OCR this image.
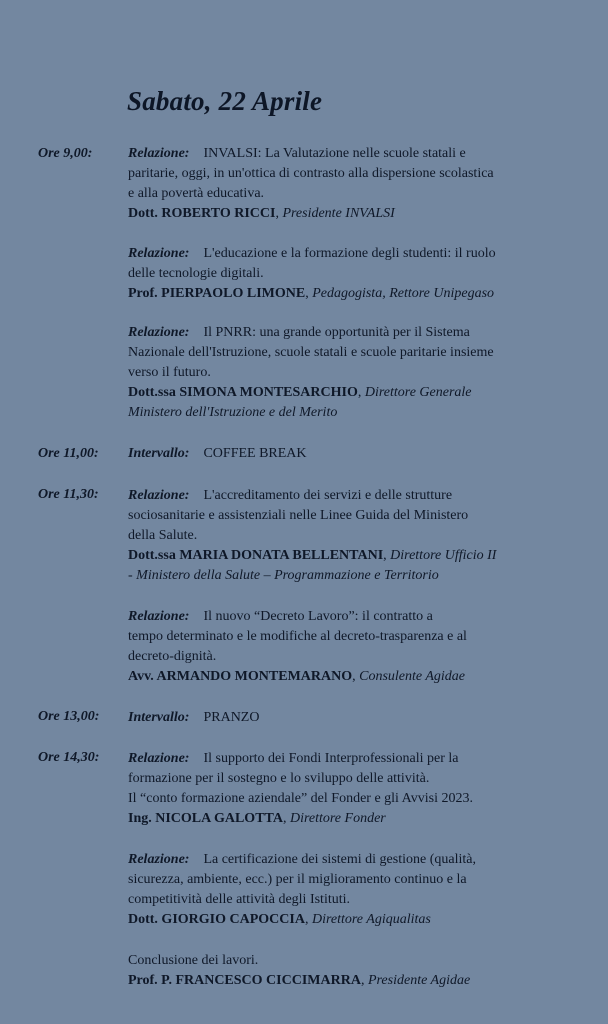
Sabato, 22 Aprile
Ore 9,00:
Ore 11,00:
Ore 11,30:
Ore 13,00:
Ore 14,30:
Relazione: INVALSI: La Valutazione nelle scuole statali e
paritarie, oggi, in un'ottica di contrasto alla dispersione scolastica
e alla povertà educativa.
Dott. ROBERTO RICCI, Presidente INVALSI
Relazione: L'educazione e la formazione degli studenti: il ruolo
delle tecnologie digitali.
Prof. PIERPAOLO LIMONE, Pedagogista, Rettore Unipegaso
Relazione: Il PNRR: una grande opportunità per il Sistema
Nazionale dell'Istruzione, scuole statali e scuole paritarie insieme
verso il futuro.
Dott.ssa SIMONA MONTESARCHIO, Direttore Generale
Ministero dell'Istruzione e del Merito
Intervallo: COFFEE BREAK
Relazione: L'accreditamento dei servizi e delle strutture
sociosanitarie e assistenziali nelle Linee Guida del Ministero
della Salute.
Dott.ssa MARIA DONATA BELLENTANI, Direttore Ufficio II
- Ministero della Salute – Programmazione e Territorio
Relazione: Il nuovo “Decreto Lavoro”: il contratto a
tempo determinato e le modifiche al decreto-trasparenza e al
decreto-dignità.
Avv. ARMANDO MONTEMARANO, Consulente Agidae
Intervallo: PRANZO
Relazione: Il supporto dei Fondi Interprofessionali per la
formazione per il sostegno e lo sviluppo delle attività.
Il “conto formazione aziendale” del Fonder e gli Avvisi 2023.
Ing. NICOLA GALOTTA, Direttore Fonder
Relazione: La certificazione dei sistemi di gestione (qualità,
sicurezza, ambiente, ecc.) per il miglioramento continuo e la
competitività delle attività degli Istituti.
Dott. GIORGIO CAPOCCIA, Direttore Agiqualitas
Conclusione dei lavori.
Prof. P. FRANCESCO CICCIMARRA, Presidente Agidae
